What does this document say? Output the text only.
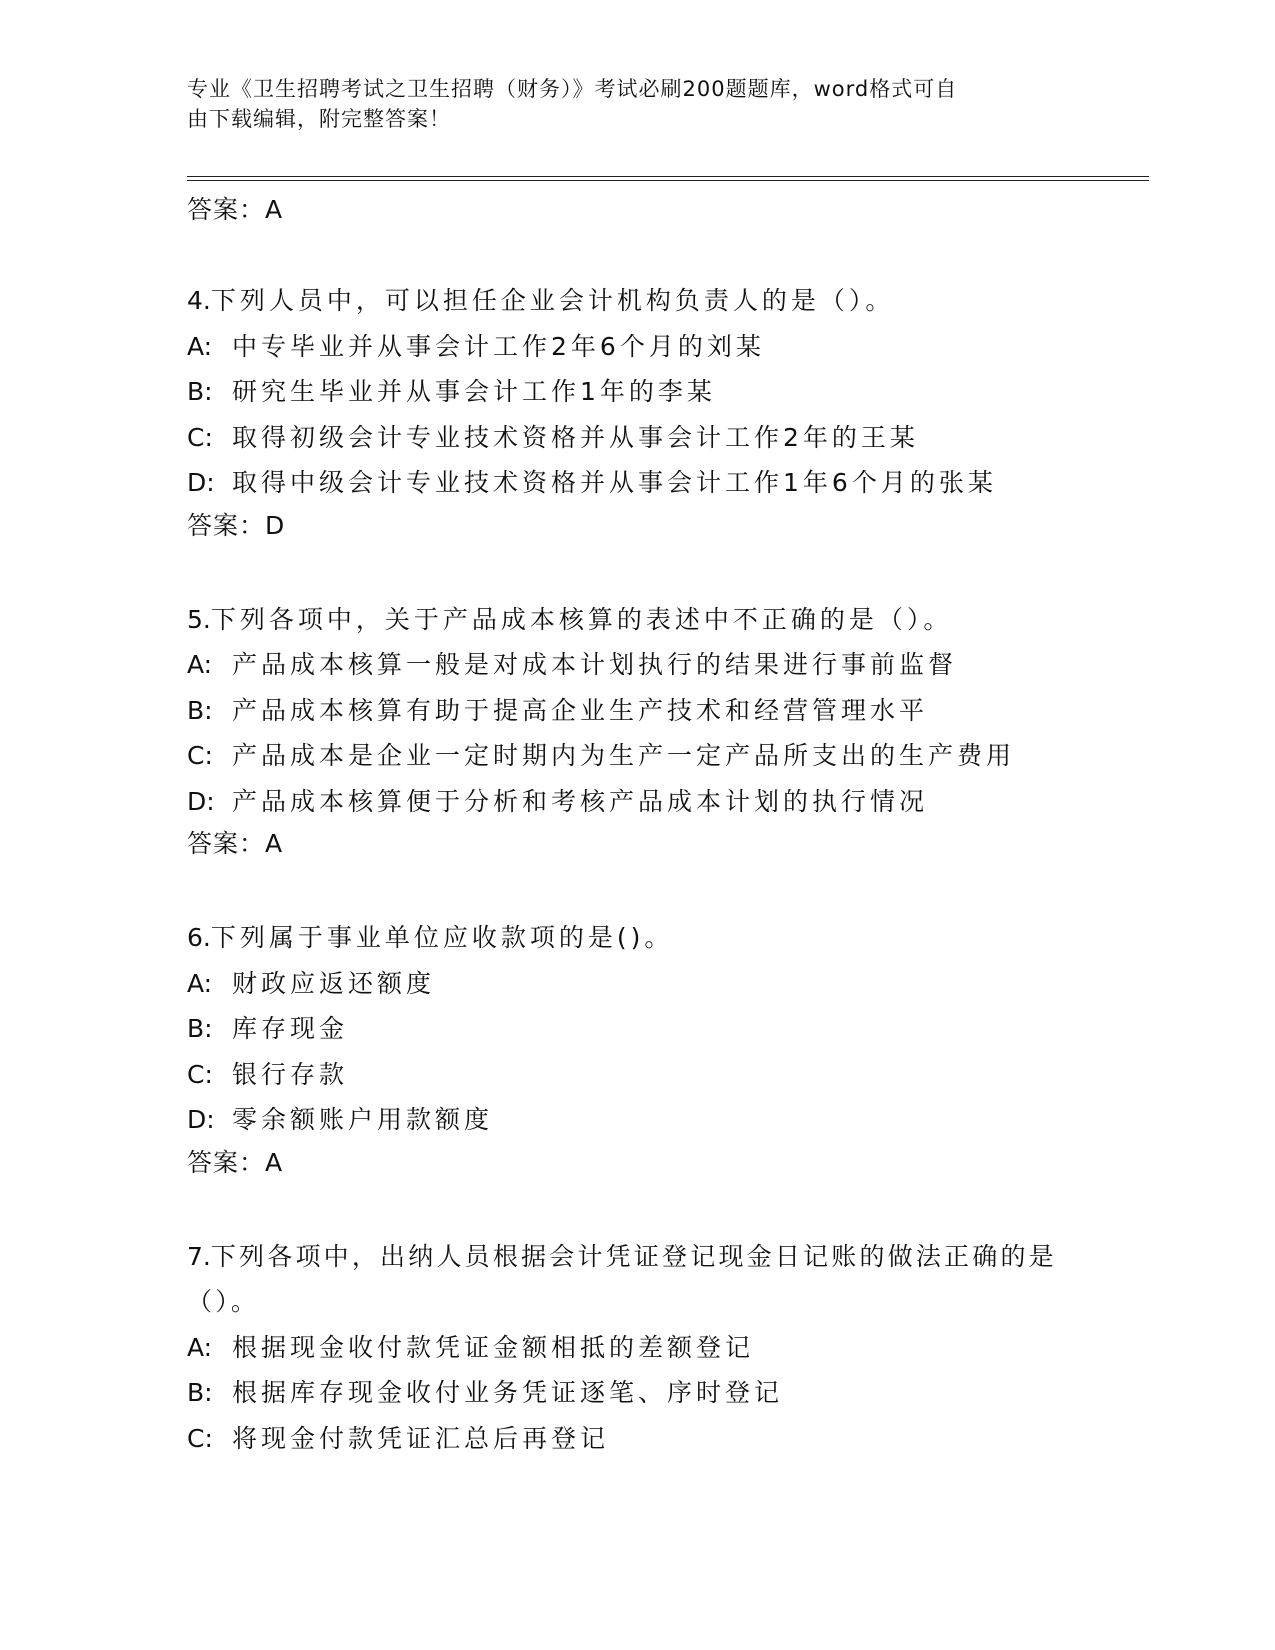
专业《卫生招聘考试之卫生招聘（财务）》考试必刷200题题库，word格式可自
由下载编辑，附完整答案！
答案：A
4.下列人员中，可以担任企业会计机构负责人的是（）。
A: 中专毕业并从事会计工作2年6个月的刘某
B: 研究生毕业并从事会计工作1年的李某
C: 取得初级会计专业技术资格并从事会计工作2年的王某
D: 取得中级会计专业技术资格并从事会计工作1年6个月的张某
答案：D
5.下列各项中，关于产品成本核算的表述中不正确的是（）。
A: 产品成本核算一般是对成本计划执行的结果进行事前监督
B: 产品成本核算有助于提高企业生产技术和经营管理水平
C: 产品成本是企业一定时期内为生产一定产品所支出的生产费用
D: 产品成本核算便于分析和考核产品成本计划的执行情况
答案：A
6.下列属于事业单位应收款项的是()。
A: 财政应返还额度
B: 库存现金
C: 银行存款
D: 零余额账户用款额度
答案：A
7.下列各项中，出纳人员根据会计凭证登记现金日记账的做法正确的是（）。
A: 根据现金收付款凭证金额相抵的差额登记
B: 根据库存现金收付业务凭证逐笔、序时登记
C: 将现金付款凭证汇总后再登记
